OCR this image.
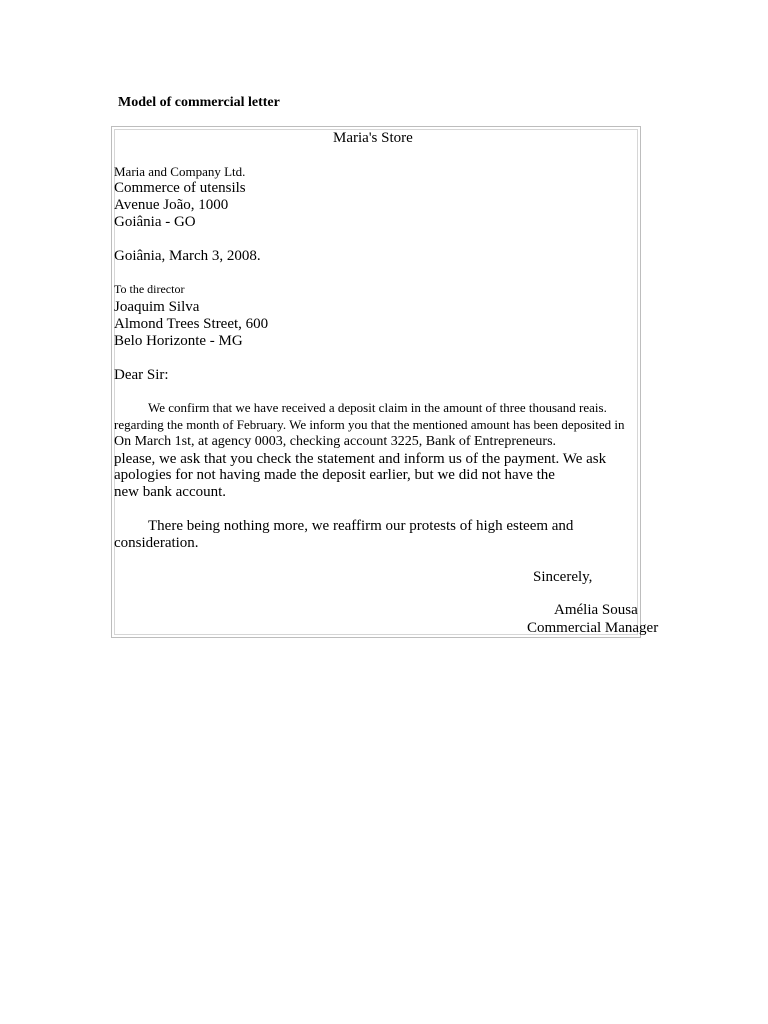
Model of commercial letter
Maria's Store
Maria and Company Ltd.
Commerce of utensils
Avenue João, 1000
Goiânia - GO
Goiânia, March 3, 2008.
To the director
Joaquim Silva
Almond Trees Street, 600
Belo Horizonte - MG
Dear Sir:
We confirm that we have received a deposit claim in the amount of three thousand reais.
regarding the month of February. We inform you that the mentioned amount has been deposited in
On March 1st, at agency 0003, checking account 3225, Bank of Entrepreneurs.
please, we ask that you check the statement and inform us of the payment. We ask
apologies for not having made the deposit earlier, but we did not have the
new bank account.
There being nothing more, we reaffirm our protests of high esteem and
consideration.
Sincerely,
Amélia Sousa
Commercial Manager
